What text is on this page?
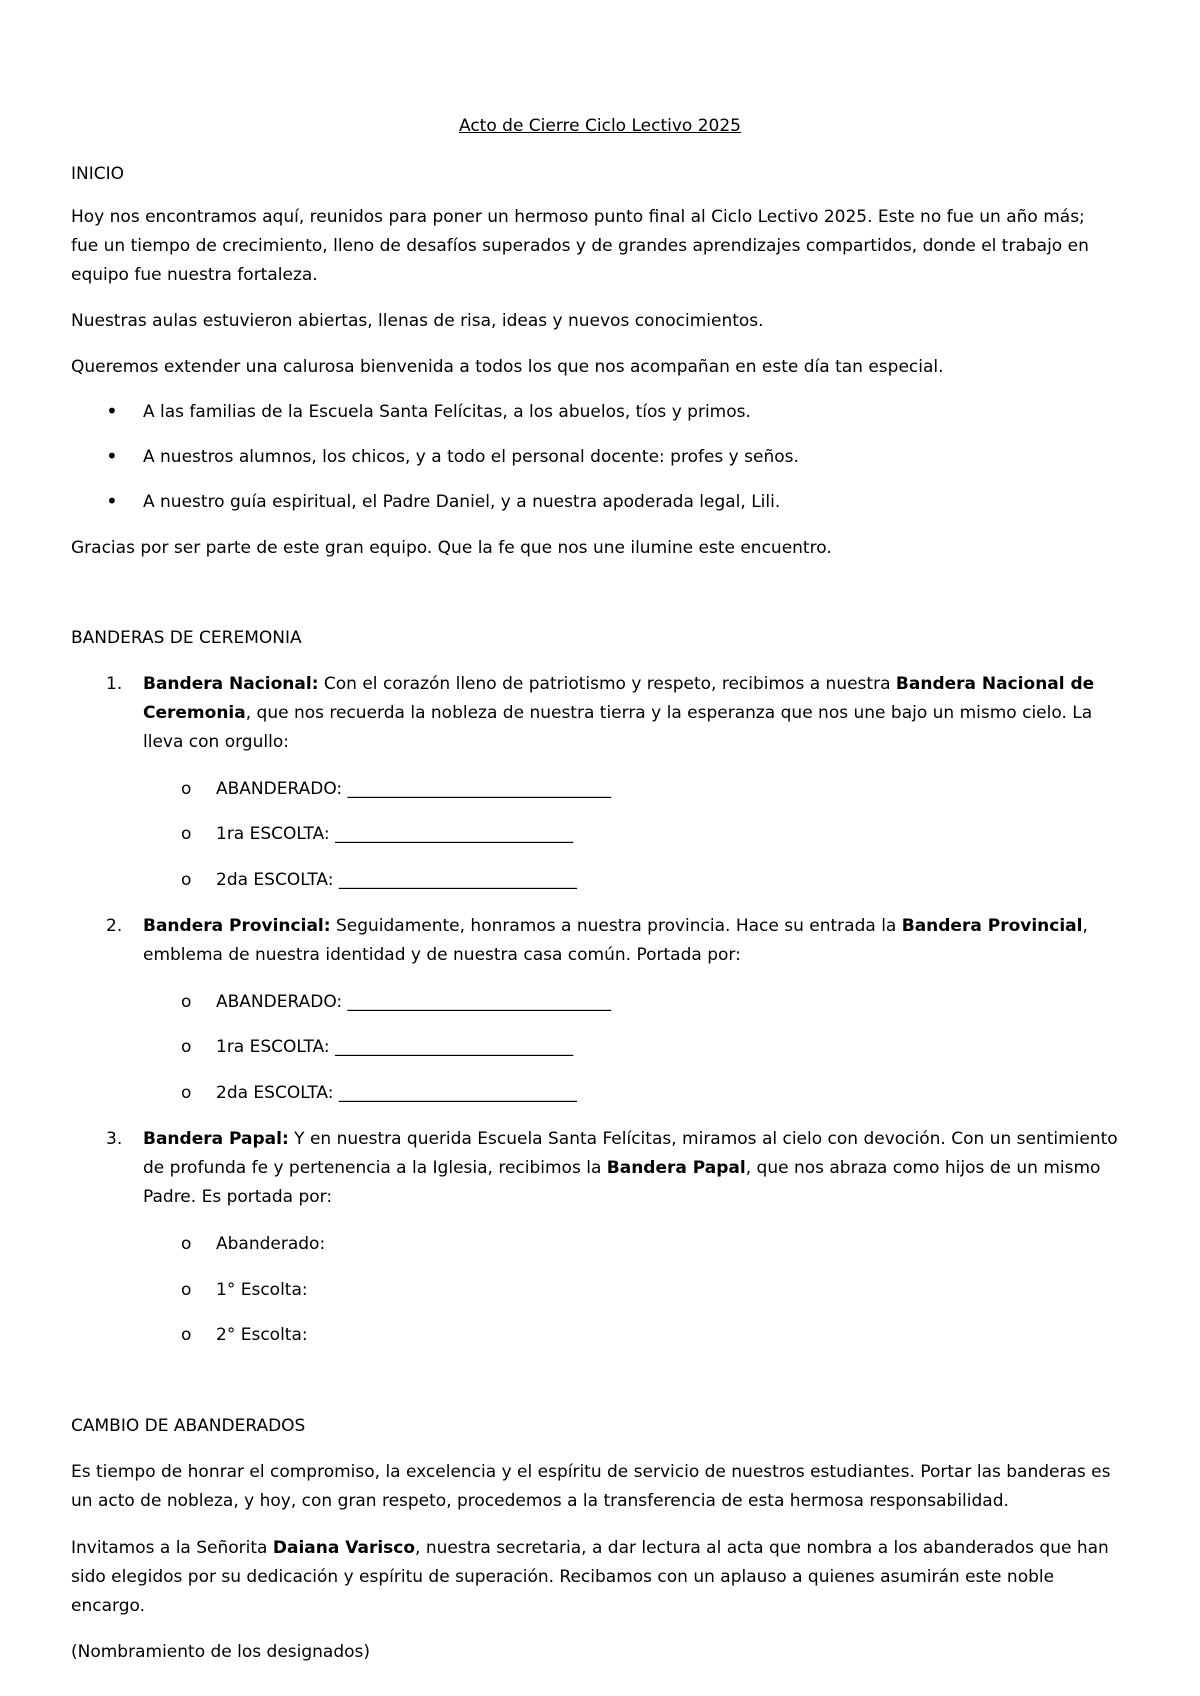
Acto de Cierre Ciclo Lectivo 2025
INICIO
Hoy nos encontramos aquí, reunidos para poner un hermoso punto final al Ciclo Lectivo 2025. Este no fue un año más;
fue un tiempo de crecimiento, lleno de desafíos superados y de grandes aprendizajes compartidos, donde el trabajo en
equipo fue nuestra fortaleza.
Nuestras aulas estuvieron abiertas, llenas de risa, ideas y nuevos conocimientos.
Queremos extender una calurosa bienvenida a todos los que nos acompañan en este día tan especial.
• A las familias de la Escuela Santa Felícitas, a los abuelos, tíos y primos.
• A nuestros alumnos, los chicos, y a todo el personal docente: profes y seños.
• A nuestro guía espiritual, el Padre Daniel, y a nuestra apoderada legal, Lili.
Gracias por ser parte de este gran equipo. Que la fe que nos une ilumine este encuentro.
BANDERAS DE CEREMONIA
1. Bandera Nacional: Con el corazón lleno de patriotismo y respeto, recibimos a nuestra Bandera Nacional de
Ceremonia, que nos recuerda la nobleza de nuestra tierra y la esperanza que nos une bajo un mismo cielo. La
lleva con orgullo:
o ABANDERADO: _______________________________
o 1ra ESCOLTA: ____________________________
o 2da ESCOLTA: ____________________________
2. Bandera Provincial: Seguidamente, honramos a nuestra provincia. Hace su entrada la Bandera Provincial,
emblema de nuestra identidad y de nuestra casa común. Portada por:
o ABANDERADO: _______________________________
o 1ra ESCOLTA: ____________________________
o 2da ESCOLTA: ____________________________
3. Bandera Papal: Y en nuestra querida Escuela Santa Felícitas, miramos al cielo con devoción. Con un sentimiento
de profunda fe y pertenencia a la Iglesia, recibimos la Bandera Papal, que nos abraza como hijos de un mismo
Padre. Es portada por:
o Abanderado:
o 1° Escolta:
o 2° Escolta:
CAMBIO DE ABANDERADOS
Es tiempo de honrar el compromiso, la excelencia y el espíritu de servicio de nuestros estudiantes. Portar las banderas es
un acto de nobleza, y hoy, con gran respeto, procedemos a la transferencia de esta hermosa responsabilidad.
Invitamos a la Señorita Daiana Varisco, nuestra secretaria, a dar lectura al acta que nombra a los abanderados que han
sido elegidos por su dedicación y espíritu de superación. Recibamos con un aplauso a quienes asumirán este noble
encargo.
(Nombramiento de los designados)
